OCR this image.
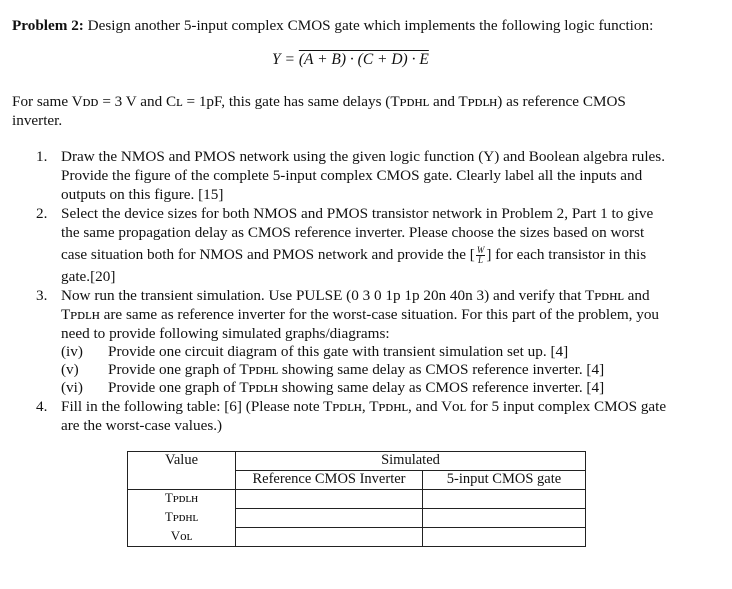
Problem 2: Design another 5-input complex CMOS gate which implements the following logic function:
Y = (A + B) · (C + D) · E
For same Vᴅᴅ = 3 V and Cʟ = 1pF, this gate has same delays (Tᴘᴅʜʟ and Tᴘᴅʟʜ) as reference CMOS
inverter.
1. Draw the NMOS and PMOS network using the given logic function (Y) and Boolean algebra rules.
Provide the figure of the complete 5-input complex CMOS gate. Clearly label all the inputs and
outputs on this figure. [15]
2. Select the device sizes for both NMOS and PMOS transistor network in Problem 2, Part 1 to give
the same propagation delay as CMOS reference inverter. Please choose the sizes based on worst
case situation both for NMOS and PMOS network and provide the [ $\frac{W}{L}$ ] for each transistor in this
gate.[20]
3. Now run the transient simulation. Use PULSE (0 3 0 1p 1p 20n 40n 3) and verify that Tᴘᴅʜʟ and
Tᴘᴅʟʜ are same as reference inverter for the worst-case situation. For this part of the problem, you
need to provide following simulated graphs/diagrams:
(iv) Provide one circuit diagram of this gate with transient simulation set up. [4]
(v) Provide one graph of Tᴘᴅʜʟ showing same delay as CMOS reference inverter. [4]
(vi) Provide one graph of Tᴘᴅʟʜ showing same delay as CMOS reference inverter. [4]
4. Fill in the following table: [6] (Please note Tᴘᴅʟʜ, Tᴘᴅʜʟ, and Vᴏʟ for 5 input complex CMOS gate
are the worst-case values.)
Value	Simulated	
	Reference CMOS Inverter	5-input CMOS gate
Tᴘᴅʟʜ		
Tᴘᴅʜʟ		
Vᴏʟ		
